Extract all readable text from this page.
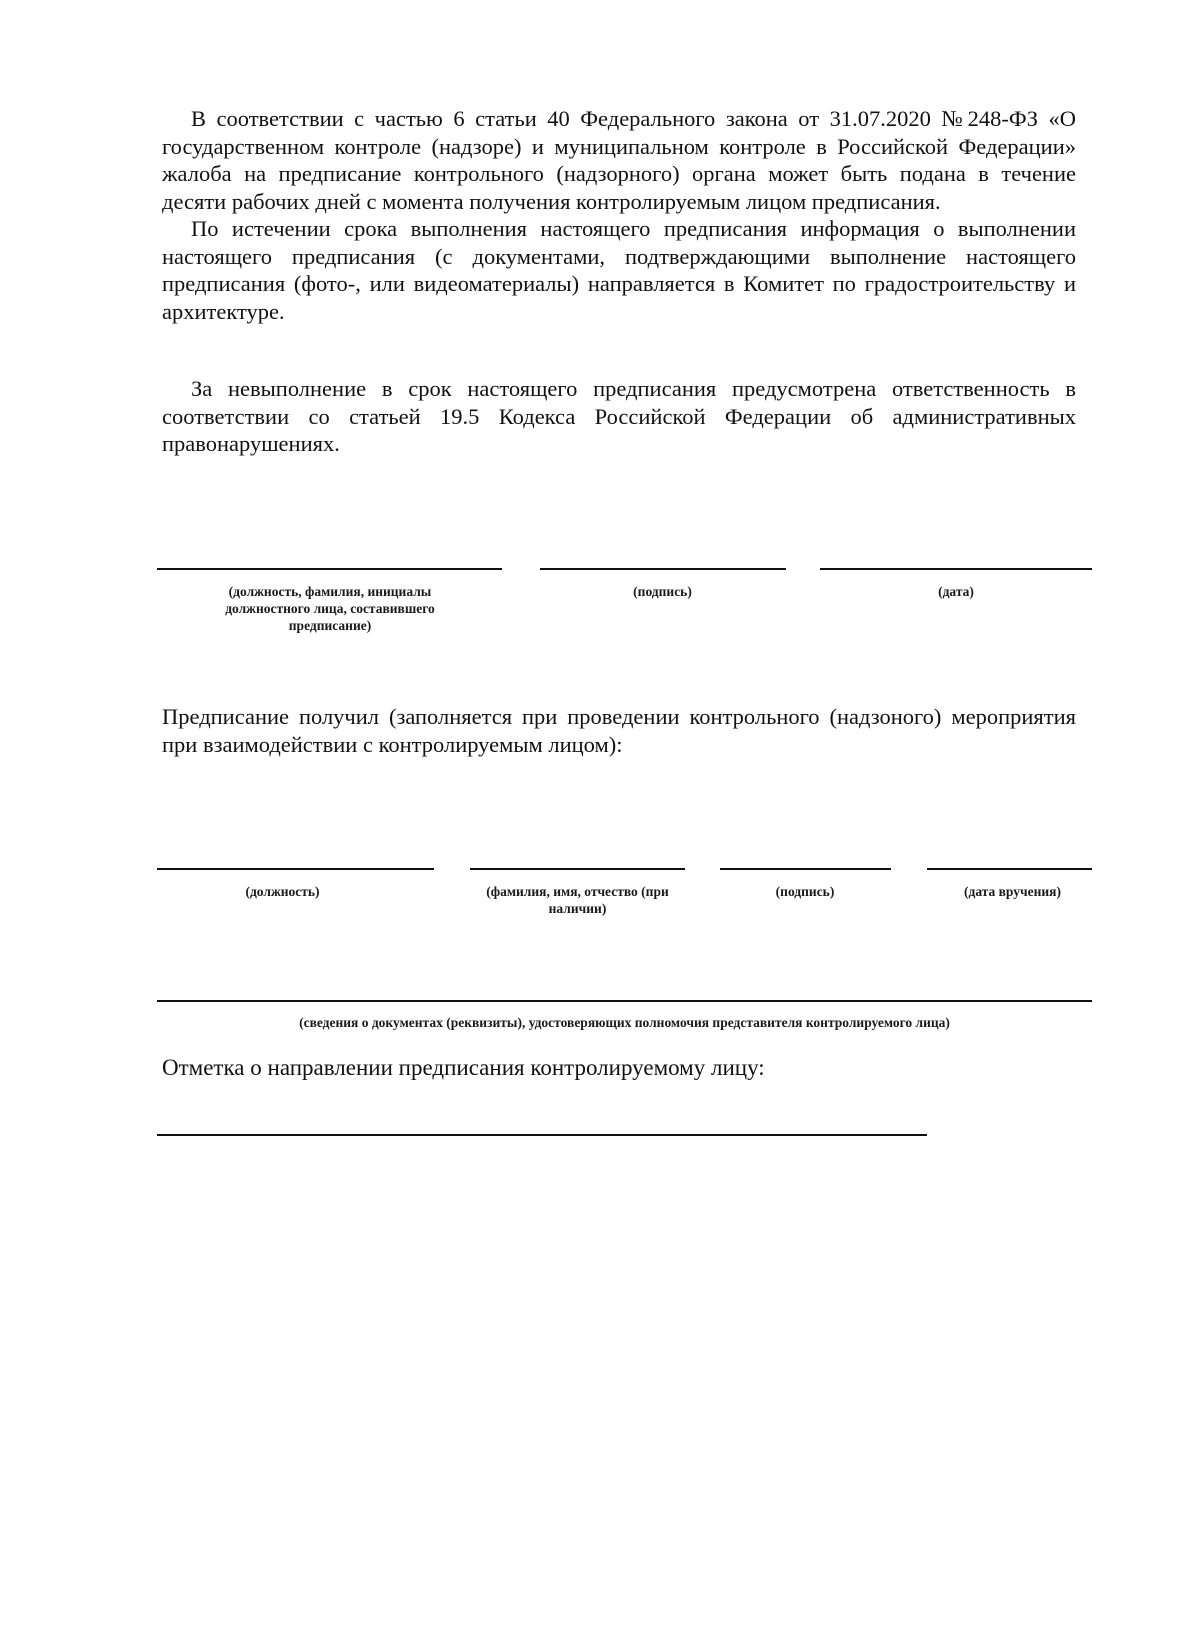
В соответствии с частью 6 статьи 40 Федерального закона от 31.07.2020 №248-ФЗ «О государственном контроле (надзоре) и муниципальном контроле в Российской Федерации» жалоба на предписание контрольного (надзорного) органа может быть подана в течение десяти рабочих дней с момента получения контролируемым лицом предписания.

По истечении срока выполнения настоящего предписания информация о выполнении настоящего предписания (с документами, подтверждающими выполнение настоящего предписания (фото-, или видеоматериалы) направляется в Комитет по градостроительству и архитектуре.

За невыполнение в срок настоящего предписания предусмотрена ответственность в соответствии со статьей 19.5 Кодекса Российской Федерации об административных правонарушениях.

(должность, фамилия, инициалы должностного лица, составившего предписание)
(подпись)	(дата)

Предписание получил (заполняется при проведении контрольного (надзоного) мероприятия при взаимодействии с контролируемым лицом):

(должность)	(фамилия, имя, отчество (при наличии)
(подпись)	(дата вручения)
(сведения о документах (реквизиты), удостоверяющих полномочия представителя контролируемого лица)

Отметка о направлении предписания контролируемому лицу:
